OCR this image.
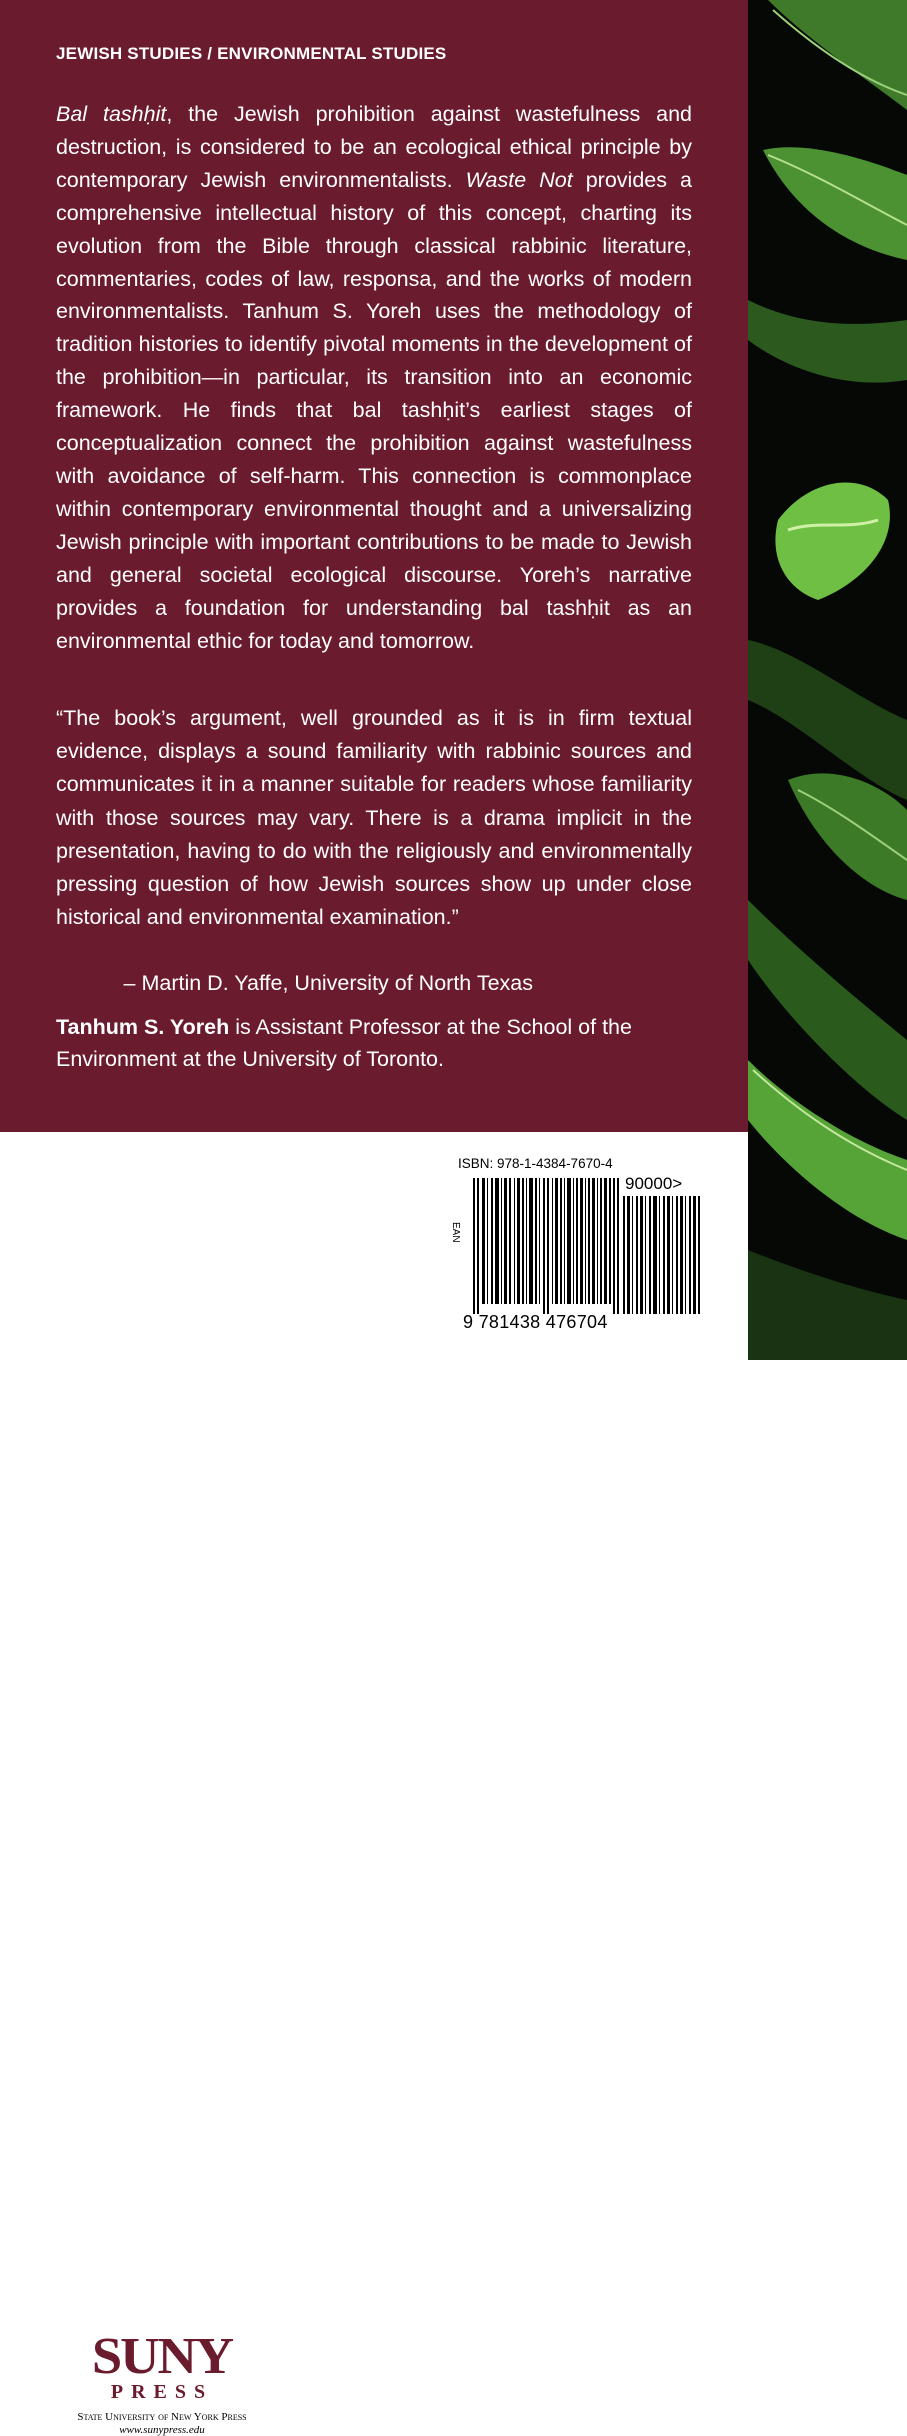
JEWISH STUDIES / ENVIRONMENTAL STUDIES

Bal tashḥit, the Jewish prohibition against wastefulness and destruction, is considered to be an ecological ethical principle by contemporary Jewish environmentalists. Waste Not provides a comprehensive intellectual history of this concept, charting its evolution from the Bible through classical rabbinic literature, commentaries, codes of law, responsa, and the works of modern environmentalists. Tanhum S. Yoreh uses the methodology of tradition histories to identify pivotal moments in the development of the prohibition—in particular, its transition into an economic framework. He finds that bal tashḥit’s earliest stages of conceptualization connect the prohibition against wastefulness with avoidance of self-harm. This connection is commonplace within contemporary environmental thought and a universalizing Jewish principle with important contributions to be made to Jewish and general societal ecological discourse. Yoreh’s narrative provides a foundation for understanding bal tashḥit as an environmental ethic for today and tomorrow.

“The book’s argument, well grounded as it is in firm textual evidence, displays a sound familiarity with rabbinic sources and communicates it in a manner suitable for readers whose familiarity with those sources may vary. There is a drama implicit in the presentation, having to do with the religiously and environmentally pressing question of how Jewish sources show up under close historical and environmental examination.”

– Martin D. Yaffe, University of North Texas

Tanhum S. Yoreh is Assistant Professor at the School of the Environment at the University of Toronto.

SUNY
PRESS
State University of New York Press
www.sunypress.edu
ISBN: 978-1-4384-7670-4
EAN
90000>
9 781438 476704
